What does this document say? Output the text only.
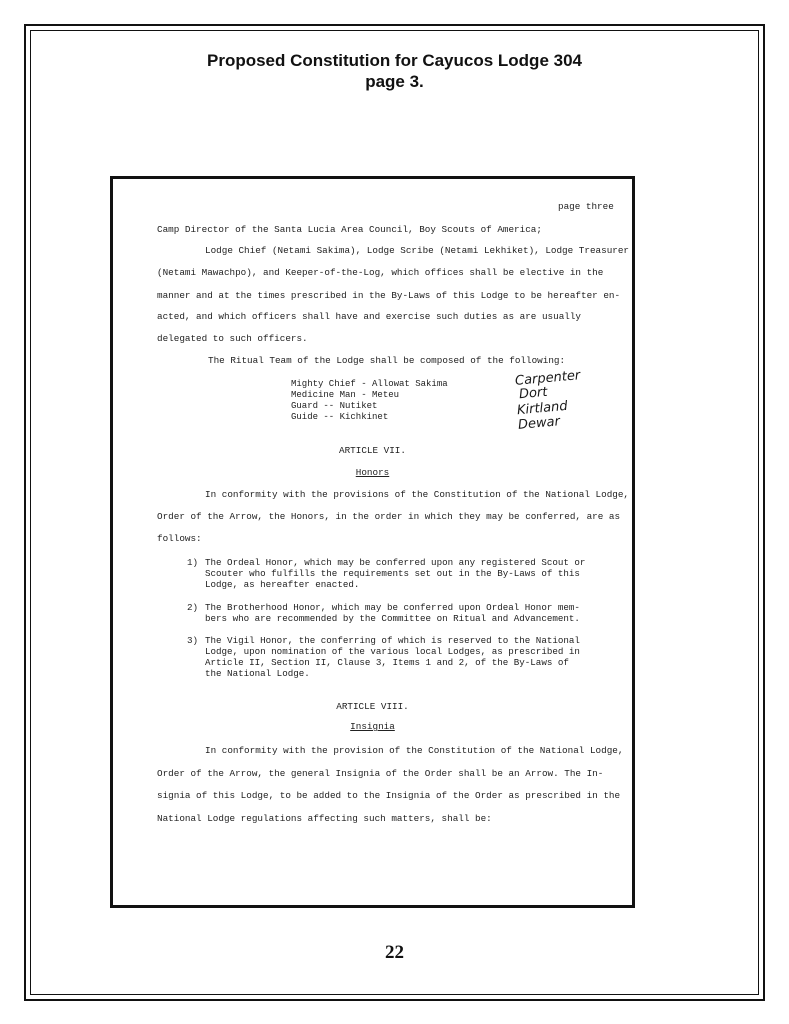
Proposed Constitution for Cayucos Lodge 304
page 3.
page three
Camp Director of the Santa Lucia Area Council, Boy Scouts of America;
Lodge Chief (Netami Sakima), Lodge Scribe (Netami Lekhiket), Lodge Treasurer
(Netami Mawachpo), and Keeper-of-the-Log, which offices shall be elective in the
manner and at the times prescribed in the By-Laws of this Lodge to be hereafter en-
acted, and which officers shall have and exercise such duties as are usually
delegated to such officers.
The Ritual Team of the Lodge shall be composed of the following:
Mighty Chief - Allowat Sakima
Medicine Man - Meteu
Guard -- Nutiket
Guide -- Kichkinet
Carpenter
Dort
Kirtland
Dewar
ARTICLE VII.
Honors
In conformity with the provisions of the Constitution of the National Lodge,
Order of the Arrow, the Honors, in the order in which they may be conferred, are as
follows:
1) The Ordeal Honor, which may be conferred upon any registered Scout or
Scouter who fulfills the requirements set out in the By-Laws of this
Lodge, as hereafter enacted.
2) The Brotherhood Honor, which may be conferred upon Ordeal Honor mem-
bers who are recommended by the Committee on Ritual and Advancement.
3) The Vigil Honor, the conferring of which is reserved to the National
Lodge, upon nomination of the various local Lodges, as prescribed in
Article II, Section II, Clause 3, Items 1 and 2, of the By-Laws of
the National Lodge.
ARTICLE VIII.
Insignia
In conformity with the provision of the Constitution of the National Lodge,
Order of the Arrow, the general Insignia of the Order shall be an Arrow. The In-
signia of this Lodge, to be added to the Insignia of the Order as prescribed in the
National Lodge regulations affecting such matters, shall be:
22
